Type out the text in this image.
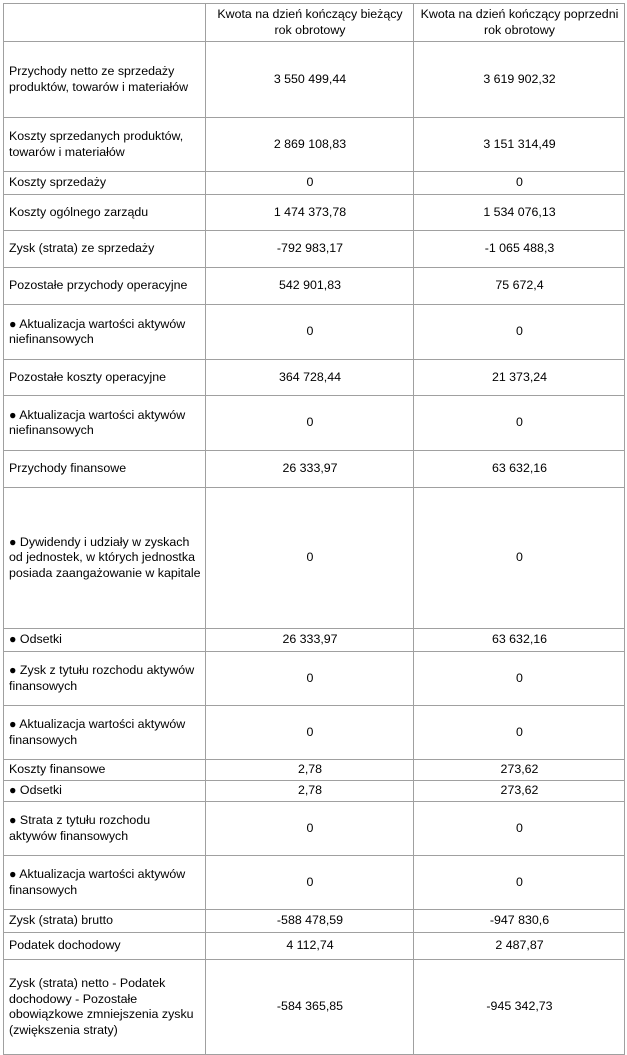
	Kwota na dzień kończący bieżący rok obrotowy	Kwota na dzień kończący poprzedni rok obrotowy
Przychody netto ze sprzedaży produktów, towarów i materiałów	3 550 499,44	3 619 902,32
Koszty sprzedanych produktów, towarów i materiałów	2 869 108,83	3 151 314,49
Koszty sprzedaży	0	0
Koszty ogólnego zarządu	1 474 373,78	1 534 076,13
Zysk (strata) ze sprzedaży	-792 983,17	-1 065 488,3
Pozostałe przychody operacyjne	542 901,83	75 672,4
● Aktualizacja wartości aktywów niefinansowych	0	0
Pozostałe koszty operacyjne	364 728,44	21 373,24
● Aktualizacja wartości aktywów niefinansowych	0	0
Przychody finansowe	26 333,97	63 632,16
● Dywidendy i udziały w zyskach od jednostek, w których jednostka posiada zaangażowanie w kapitale	0	0
● Odsetki	26 333,97	63 632,16
● Zysk z tytułu rozchodu aktywów finansowych	0	0
● Aktualizacja wartości aktywów finansowych	0	0
Koszty finansowe	2,78	273,62
● Odsetki	2,78	273,62
● Strata z tytułu rozchodu aktywów finansowych	0	0
● Aktualizacja wartości aktywów finansowych	0	0
Zysk (strata) brutto	-588 478,59	-947 830,6
Podatek dochodowy	4 112,74	2 487,87
Zysk (strata) netto - Podatek dochodowy - Pozostałe obowiązkowe zmniejszenia zysku (zwiększenia straty)	-584 365,85	-945 342,73
